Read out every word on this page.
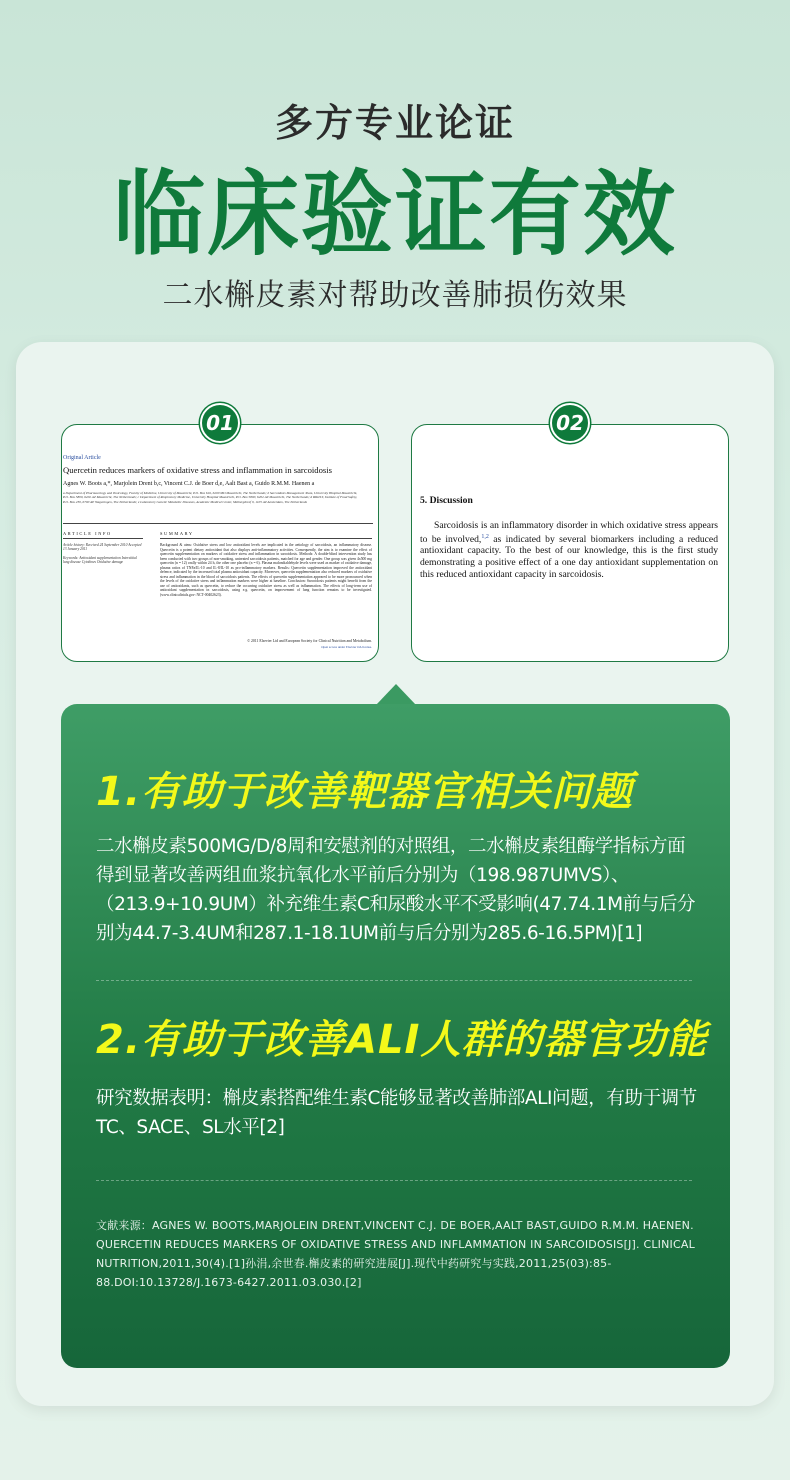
多方专业论证
临床验证有效
二水槲皮素对帮助改善肺损伤效果
Original Article
Quercetin reduces markers of oxidative stress and inflammation in sarcoidosis
Agnes W. Boots a,*, Marjolein Drent b,c, Vincent C.J. de Boer d,e, Aalt Bast a, Guido R.M.M. Haenen a
a Department of Pharmacology and Toxicology, Faculty of Medicine, University of Maastricht, P.O. Box 616, 6200 MD Maastricht, The Netherlands; b Sarcoidosis Management Team, University Hospital Maastricht, P.O. Box 5800, 6202 AZ Maastricht, The Netherlands; c Department of Respiratory Medicine, University Hospital Maastricht, P.O. Box 5800, 6202 AZ Maastricht, The Netherlands; d RIKILT, Institute of Food Safety, P.O. Box 230, 6700 AE Wageningen, The Netherlands; e Laboratory Genetic Metabolic Diseases, Academic Medical Center, Meibergdreef 9, 1105 AZ Amsterdam, The Netherlands
ARTICLE INFO	SUMMARY
Article history: Received 24 September 2010 Accepted 13 January 2011
Keywords: Antioxidant supplementation Interstitial lung disease Cytokines Oxidative damage
Background & aims: Oxidative stress and low antioxidant levels are implicated in the aetiology of sarcoidosis, an inflammatory disease. Quercetin is a potent dietary antioxidant that also displays anti-inflammatory activities. Consequently, the aim is to examine the effect of quercetin supplementation on markers of oxidative stress and inflammation in sarcoidosis. Methods: A double-blind intervention study has been conducted with two groups of non-smoking, untreated sarcoidosis patients, matched for age and gender. One group was given 4x500 mg quercetin (n = 12) orally within 24 h, the other one placebo (n = 6). Plasma malondialdehyde levels were used as marker of oxidative damage, plasma ratios of TNFa/IL-10 and IL-8/IL-10 as pro-inflammatory markers. Results: Quercetin supplementation improved the antioxidant defence, indicated by the increased total plasma antioxidant capacity. Moreover, quercetin supplementation also reduced markers of oxidative stress and inflammation in the blood of sarcoidosis patients. The effects of quercetin supplementation appeared to be more pronounced when the levels of the oxidative stress and inflammation markers were higher at baseline. Conclusion: Sarcoidosis patients might benefit from the use of antioxidants, such as quercetin, to reduce the occurring oxidative stress as well as inflammation. The effects of long-term use of antioxidant supplementation in sarcoidosis, using e.g. quercetin, on improvement of lung function remains to be investigated. (www.clinicaltrials.gov: NCT-00402623).
© 2011 Elsevier Ltd and European Society for Clinical Nutrition and Metabolism.
Open access under Elsevier OA license.
5. Discussion
Sarcoidosis is an inflammatory disorder in which oxidative stress appears to be involved,$^{1,2}$ as indicated by several biomarkers including a reduced antioxidant capacity. To the best of our knowledge, this is the first study demonstrating a positive effect of a one day antioxidant supplementation on this reduced antioxidant capacity in sarcoidosis.
01	02
1.有助于改善靶器官相关问题
二水槲皮素500MG/D/8周和安慰剂的对照组，二水槲皮素组酶学指标方面得到显著改善两组血浆抗氧化水平前后分别为（198.987UMVS）、（213.9+10.9UM）补充维生素C和尿酸水平不受影响(47.74.1M前与后分别为44.7-3.4UM和287.1-18.1UM前与后分别为285.6-16.5PM)[1]
2.有助于改善ALI人群的器官功能
研究数据表明：槲皮素搭配维生素C能够显著改善肺部ALI问题，有助于调节TC、SACE、SL水平[2]
文献来源：AGNES W. BOOTS,MARJOLEIN DRENT,VINCENT C.J. DE BOER,AALT BAST,GUIDO R.M.M. HAENEN. QUERCETIN REDUCES MARKERS OF OXIDATIVE STRESS AND INFLAMMATION IN SARCOIDOSIS[J]. CLINICAL NUTRITION,2011,30(4).[1]孙涓,余世春.槲皮素的研究进展[J].现代中药研究与实践,2011,25(03):85-88.DOI:10.13728/J.1673-6427.2011.03.030.[2]
